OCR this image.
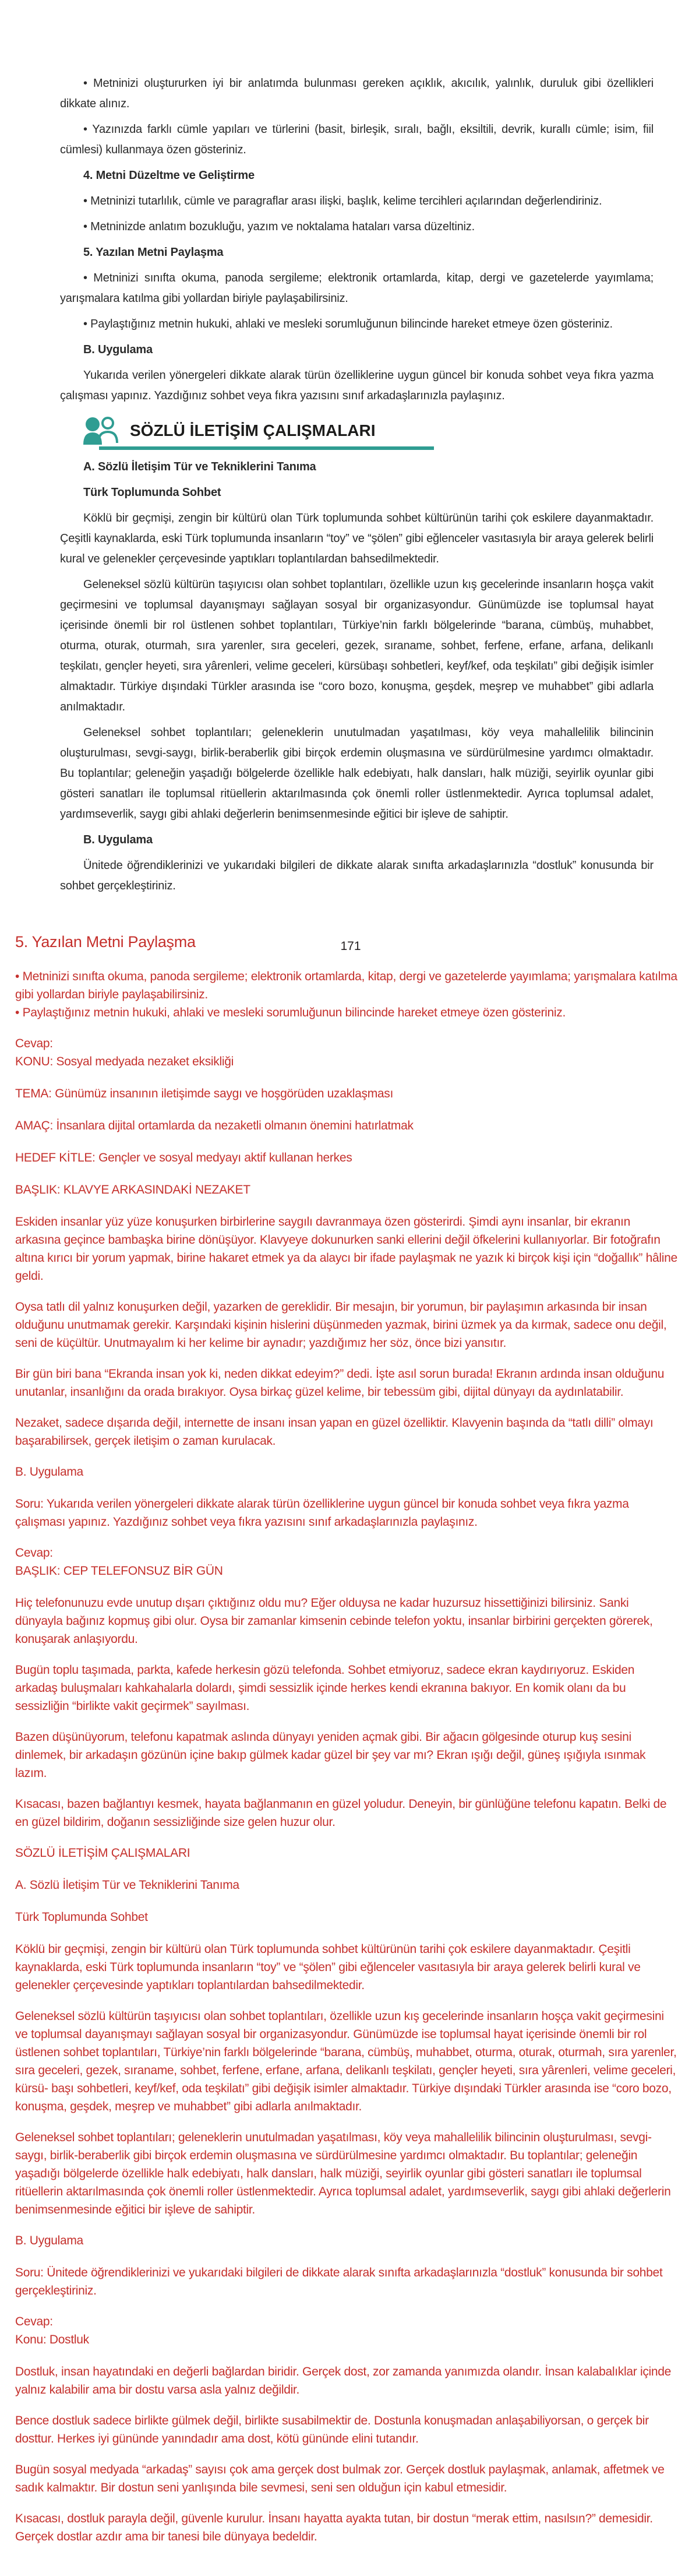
• Metninizi oluştururken iyi bir anlatımda bulunması gereken açıklık, akıcılık, yalınlık, duruluk gibi özellikleri dikkate alınız.

• Yazınızda farklı cümle yapıları ve türlerini (basit, birleşik, sıralı, bağlı, eksiltili, devrik, kurallı cümle; isim, fiil cümlesi) kullanmaya özen gösteriniz.

4. Metni Düzeltme ve Geliştirme

• Metninizi tutarlılık, cümle ve paragraflar arası ilişki, başlık, kelime tercihleri açılarından değerlendiriniz.

• Metninizde anlatım bozukluğu, yazım ve noktalama hataları varsa düzeltiniz.

5. Yazılan Metni Paylaşma

• Metninizi sınıfta okuma, panoda sergileme; elektronik ortamlarda, kitap, dergi ve gazetelerde yayımlama; yarışmalara katılma gibi yollardan biriyle paylaşabilirsiniz.

• Paylaştığınız metnin hukuki, ahlaki ve mesleki sorumluğunun bilincinde hareket etmeye özen gösteriniz.

B. Uygulama

Yukarıda verilen yönergeleri dikkate alarak türün özelliklerine uygun güncel bir konuda sohbet veya fıkra yazma çalışması yapınız. Yazdığınız sohbet veya fıkra yazısını sınıf arkadaşlarınızla paylaşınız.

SÖZLÜ İLETİŞİM ÇALIŞMALARI
A. Sözlü İletişim Tür ve Tekniklerini Tanıma
Türk Toplumunda Sohbet

Köklü bir geçmişi, zengin bir kültürü olan Türk toplumunda sohbet kültürünün tarihi çok eskilere dayanmaktadır. Çeşitli kaynaklarda, eski Türk toplumunda insanların “toy” ve “şölen” gibi eğlenceler vasıtasıyla bir araya gelerek belirli kural ve gelenekler çerçevesinde yaptıkları toplantılardan bahsedilmektedir.

Geleneksel sözlü kültürün taşıyıcısı olan sohbet toplantıları, özellikle uzun kış gecelerinde insanların hoşça vakit geçirmesini ve toplumsal dayanışmayı sağlayan sosyal bir organizasyondur. Günümüzde ise toplumsal hayat içerisinde önemli bir rol üstlenen sohbet toplantıları, Türkiye’nin farklı bölgelerinde “barana, cümbüş, muhabbet, oturma, oturak, oturmah, sıra yarenler, sıra geceleri, gezek, sıraname, sohbet, ferfene, erfane, arfana, delikanlı teşkilatı, gençler heyeti, sıra yârenleri, velime geceleri, kürsübaşı sohbetleri, keyf/kef, oda teşkilatı” gibi değişik isimler almaktadır. Türkiye dışındaki Türkler arasında ise “coro bozo, konuşma, geşdek, meşrep ve muhabbet” gibi adlarla anılmaktadır.

Geleneksel sohbet toplantıları; geleneklerin unutulmadan yaşatılması, köy veya mahallelilik bilincinin oluşturulması, sevgi-saygı, birlik-beraberlik gibi birçok erdemin oluşmasına ve sürdürülmesine yardımcı olmaktadır. Bu toplantılar; geleneğin yaşadığı bölgelerde özellikle halk edebiyatı, halk dansları, halk müziği, seyirlik oyunlar gibi gösteri sanatları ile toplumsal ritüellerin aktarılmasında çok önemli roller üstlenmektedir. Ayrıca toplumsal adalet, yardımseverlik, saygı gibi ahlaki değerlerin benimsenmesinde eğitici bir işleve de sahiptir.

B. Uygulama

Ünitede öğrendiklerinizi ve yukarıdaki bilgileri de dikkate alarak sınıfta arkadaşlarınızla “dostluk” konusunda bir sohbet gerçekleştiriniz.

5. Yazılan Metni Paylaşma	171

• Metninizi sınıfta okuma, panoda sergileme; elektronik ortamlarda, kitap, dergi ve gazetelerde yayımlama; yarışmalara katılma gibi yollardan biriyle paylaşabilirsiniz.

• Paylaştığınız metnin hukuki, ahlaki ve mesleki sorumluğunun bilincinde hareket etmeye özen gösteriniz.

Cevap:
KONU: Sosyal medyada nezaket eksikliği

TEMA: Günümüz insanının iletişimde saygı ve hoşgörüden uzaklaşması

AMAÇ: İnsanlara dijital ortamlarda da nezaketli olmanın önemini hatırlatmak

HEDEF KİTLE: Gençler ve sosyal medyayı aktif kullanan herkes

BAŞLIK: KLAVYE ARKASINDAKİ NEZAKET

Eskiden insanlar yüz yüze konuşurken birbirlerine saygılı davranmaya özen gösterirdi. Şimdi aynı insanlar, bir ekranın arkasına geçince bambaşka birine dönüşüyor. Klavyeye dokunurken sanki ellerini değil öfkelerini kullanıyorlar. Bir fotoğrafın altına kırıcı bir yorum yapmak, birine hakaret etmek ya da alaycı bir ifade paylaşmak ne yazık ki birçok kişi için “doğallık” hâline geldi.

Oysa tatlı dil yalnız konuşurken değil, yazarken de gereklidir. Bir mesajın, bir yorumun, bir paylaşımın arkasında bir insan olduğunu unutmamak gerekir. Karşındaki kişinin hislerini düşünmeden yazmak, birini üzmek ya da kırmak, sadece onu değil, seni de küçültür. Unutmayalım ki her kelime bir aynadır; yazdığımız her söz, önce bizi yansıtır.

Bir gün biri bana “Ekranda insan yok ki, neden dikkat edeyim?” dedi. İşte asıl sorun burada! Ekranın ardında insan olduğunu unutanlar, insanlığını da orada bırakıyor. Oysa birkaç güzel kelime, bir tebessüm gibi, dijital dünyayı da aydınlatabilir.

Nezaket, sadece dışarıda değil, internette de insanı insan yapan en güzel özelliktir. Klavyenin başında da “tatlı dilli” olmayı başarabilirsek, gerçek iletişim o zaman kurulacak.

B. Uygulama

Soru: Yukarıda verilen yönergeleri dikkate alarak türün özelliklerine uygun güncel bir konuda sohbet veya fıkra yazma çalışması yapınız. Yazdığınız sohbet veya fıkra yazısını sınıf arkadaşlarınızla paylaşınız.

Cevap:
BAŞLIK: CEP TELEFONSUZ BİR GÜN

Hiç telefonunuzu evde unutup dışarı çıktığınız oldu mu? Eğer olduysa ne kadar huzursuz hissettiğinizi bilirsiniz. Sanki dünyayla bağınız kopmuş gibi olur. Oysa bir zamanlar kimsenin cebinde telefon yoktu, insanlar birbirini gerçekten görerek, konuşarak anlaşıyordu.

Bugün toplu taşımada, parkta, kafede herkesin gözü telefonda. Sohbet etmiyoruz, sadece ekran kaydırıyoruz. Eskiden arkadaş buluşmaları kahkahalarla dolardı, şimdi sessizlik içinde herkes kendi ekranına bakıyor. En komik olanı da bu sessizliğin “birlikte vakit geçirmek” sayılması.

Bazen düşünüyorum, telefonu kapatmak aslında dünyayı yeniden açmak gibi. Bir ağacın gölgesinde oturup kuş sesini dinlemek, bir arkadaşın gözünün içine bakıp gülmek kadar güzel bir şey var mı? Ekran ışığı değil, güneş ışığıyla ısınmak lazım.

Kısacası, bazen bağlantıyı kesmek, hayata bağlanmanın en güzel yoludur. Deneyin, bir günlüğüne telefonu kapatın. Belki de en güzel bildirim, doğanın sessizliğinde size gelen huzur olur.

SÖZLÜ İLETİŞİM ÇALIŞMALARI

A. Sözlü İletişim Tür ve Tekniklerini Tanıma

Türk Toplumunda Sohbet

Köklü bir geçmişi, zengin bir kültürü olan Türk toplumunda sohbet kültürünün tarihi çok eskilere dayanmaktadır. Çeşitli kaynaklarda, eski Türk toplumunda insanların “toy” ve “şölen” gibi eğlenceler vasıtasıyla bir araya gelerek belirli kural ve gelenekler çerçevesinde yaptıkları toplantılardan bahsedilmektedir.

Geleneksel sözlü kültürün taşıyıcısı olan sohbet toplantıları, özellikle uzun kış gecelerinde insanların hoşça vakit geçirmesini ve toplumsal dayanışmayı sağlayan sosyal bir organizasyondur. Günümüzde ise toplumsal hayat içerisinde önemli bir rol üstlenen sohbet toplantıları, Türkiye’nin farklı bölgelerinde “barana, cümbüş, muhabbet, oturma, oturak, oturmah, sıra yarenler, sıra geceleri, gezek, sıraname, sohbet, ferfene, erfane, arfana, delikanlı teşkilatı, gençler heyeti, sıra yârenleri, velime geceleri, kürsü- başı sohbetleri, keyf/kef, oda teşkilatı” gibi değişik isimler almaktadır. Türkiye dışındaki Türkler arasında ise “coro bozo, konuşma, geşdek, meşrep ve muhabbet” gibi adlarla anılmaktadır.

Geleneksel sohbet toplantıları; geleneklerin unutulmadan yaşatılması, köy veya mahallelilik bilincinin oluşturulması, sevgi- saygı, birlik-beraberlik gibi birçok erdemin oluşmasına ve sürdürülmesine yardımcı olmaktadır. Bu toplantılar; geleneğin yaşadığı bölgelerde özellikle halk edebiyatı, halk dansları, halk müziği, seyirlik oyunlar gibi gösteri sanatları ile toplumsal ritüellerin aktarılmasında çok önemli roller üstlenmektedir. Ayrıca toplumsal adalet, yardımseverlik, saygı gibi ahlaki değerlerin benimsenmesinde eğitici bir işleve de sahiptir.

B. Uygulama

Soru: Ünitede öğrendiklerinizi ve yukarıdaki bilgileri de dikkate alarak sınıfta arkadaşlarınızla “dostluk” konusunda bir sohbet gerçekleştiriniz.

Cevap:
Konu: Dostluk

Dostluk, insan hayatındaki en değerli bağlardan biridir. Gerçek dost, zor zamanda yanımızda olandır. İnsan kalabalıklar içinde yalnız kalabilir ama bir dostu varsa asla yalnız değildir.

Bence dostluk sadece birlikte gülmek değil, birlikte susabilmektir de. Dostunla konuşmadan anlaşabiliyorsan, o gerçek bir dosttur. Herkes iyi gününde yanındadır ama dost, kötü gününde elini tutandır.

Bugün sosyal medyada “arkadaş” sayısı çok ama gerçek dost bulmak zor. Gerçek dostluk paylaşmak, anlamak, affetmek ve sadık kalmaktır. Bir dostun seni yanlışında bile sevmesi, seni sen olduğun için kabul etmesidir.

Kısacası, dostluk parayla değil, güvenle kurulur. İnsanı hayatta ayakta tutan, bir dostun “merak ettim, nasılsın?” demesidir. Gerçek dostlar azdır ama bir tanesi bile dünyaya bedeldir.
